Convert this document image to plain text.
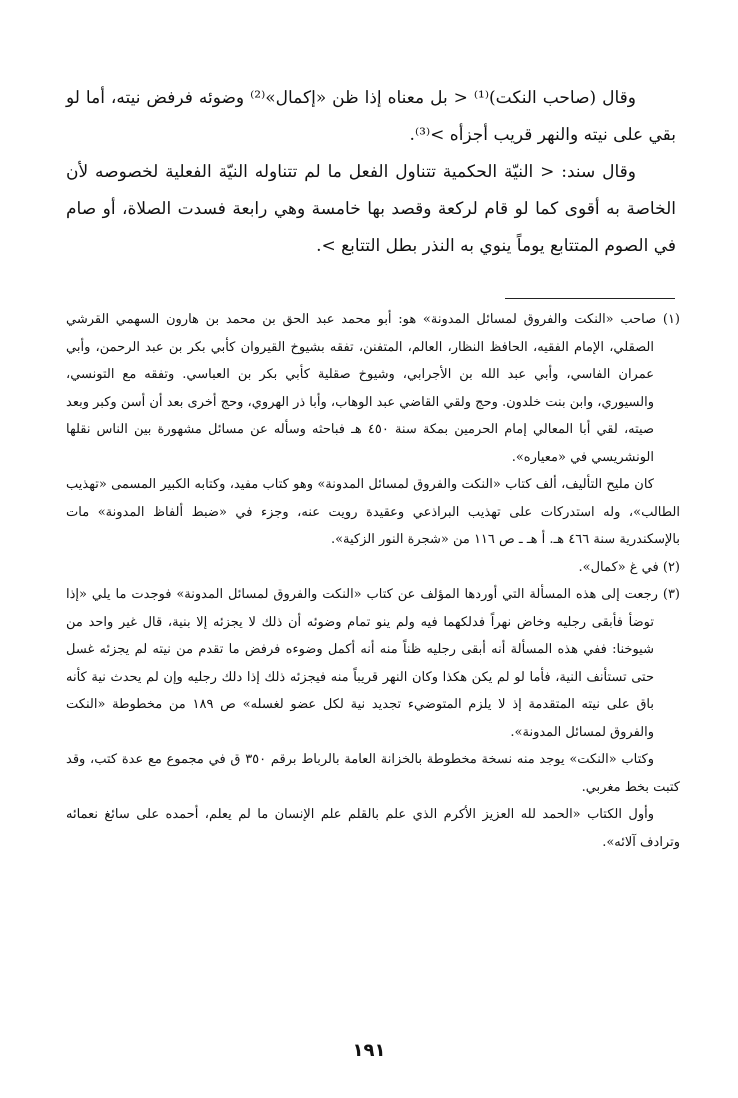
وقال (صاحب النكت)⁽¹⁾ < بل معناه إذا ظن «إكمال»⁽²⁾ وضوئه فرفض نيته، أما لو بقي على نيته والنهر قريب أجزأه >⁽³⁾.

وقال سند: < النيّة الحكمية تتناول الفعل ما لم تتناوله النيّة الفعلية لخصوصه لأن الخاصة به أقوى كما لو قام لركعة وقصد بها خامسة وهي رابعة فسدت الصلاة، أو صام في الصوم المتتابع يوماً ينوي به النذر بطل التتابع >.

(١) صاحب «النكت والفروق لمسائل المدونة» هو: أبو محمد عبد الحق بن محمد بن هارون السهمي القرشي الصقلي، الإمام الفقيه، الحافظ النظار، العالم، المتفنن، تفقه بشيوخ القيروان كأبي بكر بن عبد الرحمن، وأبي عمران الفاسي، وأبي عبد الله بن الأجرابي، وشيوخ صقلية كأبي بكر بن العباسي. وتفقه مع التونسي، والسيوري، وابن بنت خلدون. وحج ولقي القاضي عبد الوهاب، وأبا ذر الهروي، وحج أخرى بعد أن أسن وكبر وبعد صيته، لقي أبا المعالي إمام الحرمين بمكة سنة ٤٥٠ هـ فباحثه وسأله عن مسائل مشهورة بين الناس نقلها الونشريسي في «معياره».

كان مليح التأليف، ألف كتاب «النكت والفروق لمسائل المدونة» وهو كتاب مفيد، وكتابه الكبير المسمى «تهذيب الطالب»، وله استدركات على تهذيب البراذعي وعقيدة رويت عنه، وجزء في «ضبط ألفاظ المدونة» مات بالإسكندرية سنة ٤٦٦ هـ. أ هـ ـ ص ١١٦ من «شجرة النور الزكية».

(٢) في غ «كمال».

(٣) رجعت إلى هذه المسألة التي أوردها المؤلف عن كتاب «النكت والفروق لمسائل المدونة» فوجدت ما يلي «إذا توضأ فأبقى رجليه وخاض نهراً فدلكهما فيه ولم ينو تمام وضوئه أن ذلك لا يجزئه إلا بنية، قال غير واحد من شيوخنا: ففي هذه المسألة أنه أبقى رجليه ظناً منه أنه أكمل وضوءه فرفض ما تقدم من نيته لم يجزئه غسل حتى تستأنف النية، فأما لو لم يكن هكذا وكان النهر قريباً منه فيجزئه ذلك إذا دلك رجليه وإن لم يحدث نية كأنه باق على نيته المتقدمة إذ لا يلزم المتوضيء تجديد نية لكل عضو لغسله» ص ١٨٩ من مخطوطة «النكت والفروق لمسائل المدونة».

وكتاب «النكت» يوجد منه نسخة مخطوطة بالخزانة العامة بالرباط برقم ٣٥٠ ق في مجموع مع عدة كتب، وقد كتبت بخط مغربي.

وأول الكتاب «الحمد لله العزيز الأكرم الذي علم بالقلم علم الإنسان ما لم يعلم، أحمده على سائغ نعمائه وترادف آلائه».

١٩١
